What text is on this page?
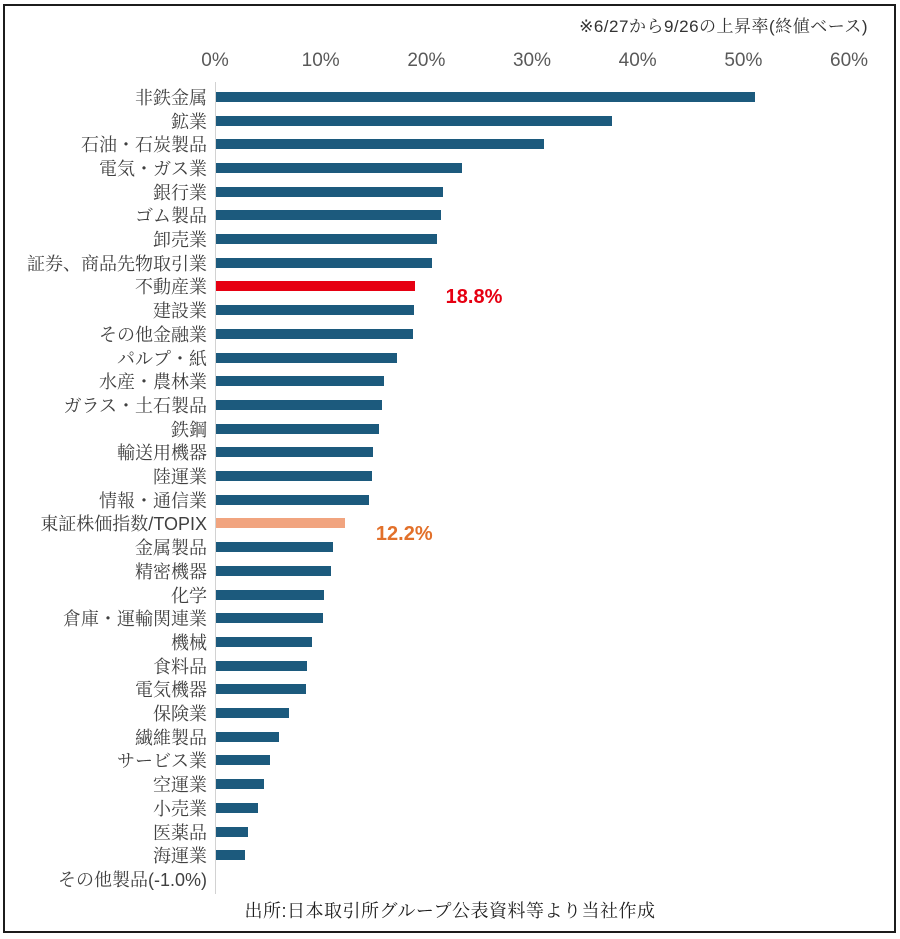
※6/27から9/26の上昇率(終値ベース)
0%	10%	20%	30%	40%	50%	60%
非鉄金属
鉱業
石油・石炭製品
電気・ガス業
銀行業
ゴム製品
卸売業
証券、商品先物取引業
不動産業	18.8%
建設業
その他金融業
パルプ・紙
水産・農林業
ガラス・土石製品
鉄鋼
輸送用機器
陸運業
情報・通信業
東証株価指数/TOPIX	12.2%
金属製品
精密機器
化学
倉庫・運輸関連業
機械
食料品
電気機器
保険業
繊維製品
サービス業
空運業
小売業
医薬品
海運業
その他製品(-1.0%)
出所:日本取引所グループ公表資料等より当社作成
